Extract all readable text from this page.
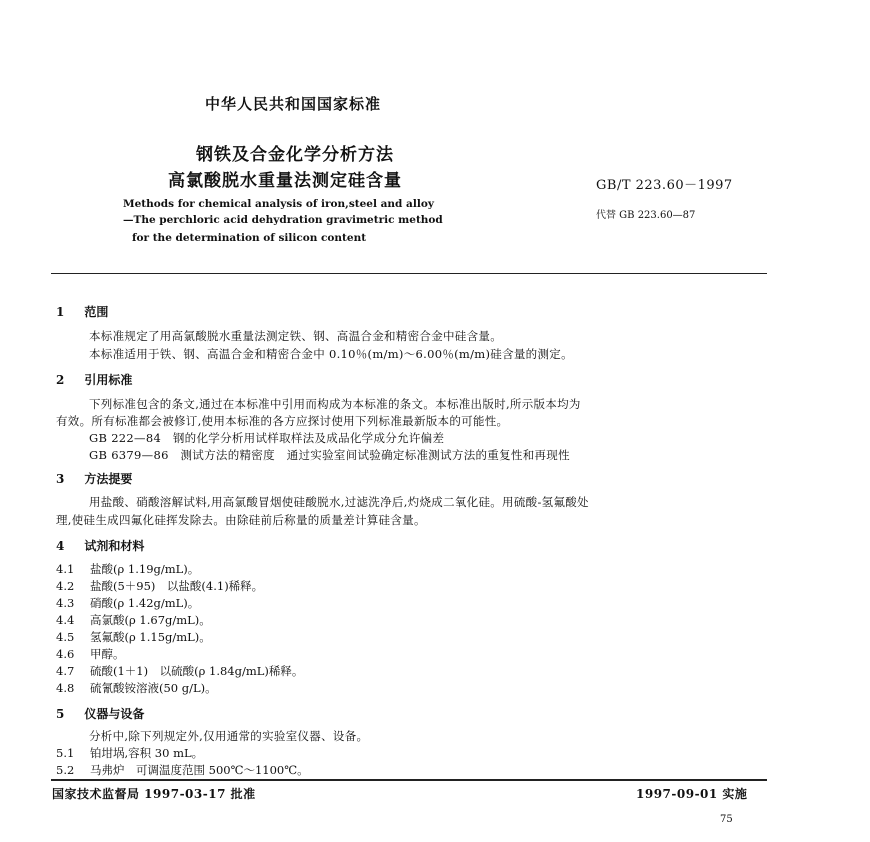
中华人民共和国国家标准
钢铁及合金化学分析方法
高氯酸脱水重量法测定硅含量	GB/T 223.60－1997
代替 GB 223.60—87
Methods for chemical analysis of iron,steel and alloy
—The perchloric acid dehydration gravimetric method
for the determination of silicon content
1 范围
本标准规定了用高氯酸脱水重量法测定铁、钢、高温合金和精密合金中硅含量。
本标准适用于铁、钢、高温合金和精密合金中 0.10％(m/m)～6.00％(m/m)硅含量的测定。
2 引用标准
下列标准包含的条文,通过在本标准中引用而构成为本标准的条文。本标准出版时,所示版本均为
有效。所有标准都会被修订,使用本标准的各方应探讨使用下列标准最新版本的可能性。
GB 222—84　钢的化学分析用试样取样法及成品化学成分允许偏差
GB 6379—86　测试方法的精密度　通过实验室间试验确定标准测试方法的重复性和再现性
3 方法提要
用盐酸、硝酸溶解试料,用高氯酸冒烟使硅酸脱水,过滤洗净后,灼烧成二氧化硅。用硫酸-氢氟酸处
理,使硅生成四氟化硅挥发除去。由除硅前后称量的质量差计算硅含量。
4 试剂和材料
4.1 盐酸(ρ 1.19g/mL)。
4.2 盐酸(5＋95)　以盐酸(4.1)稀释。
4.3 硝酸(ρ 1.42g/mL)。
4.4 高氯酸(ρ 1.67g/mL)。
4.5 氢氟酸(ρ 1.15g/mL)。
4.6 甲醇。
4.7 硫酸(1＋1)　以硫酸(ρ 1.84g/mL)稀释。
4.8 硫氰酸铵溶液(50 g/L)。
5 仪器与设备
分析中,除下列规定外,仅用通常的实验室仪器、设备。
5.1 铂坩埚,容积 30 mL。
5.2 马弗炉　可调温度范围 500℃～1100℃。
国家技术监督局 1997-03-17 批准	1997-09-01 实施
75
